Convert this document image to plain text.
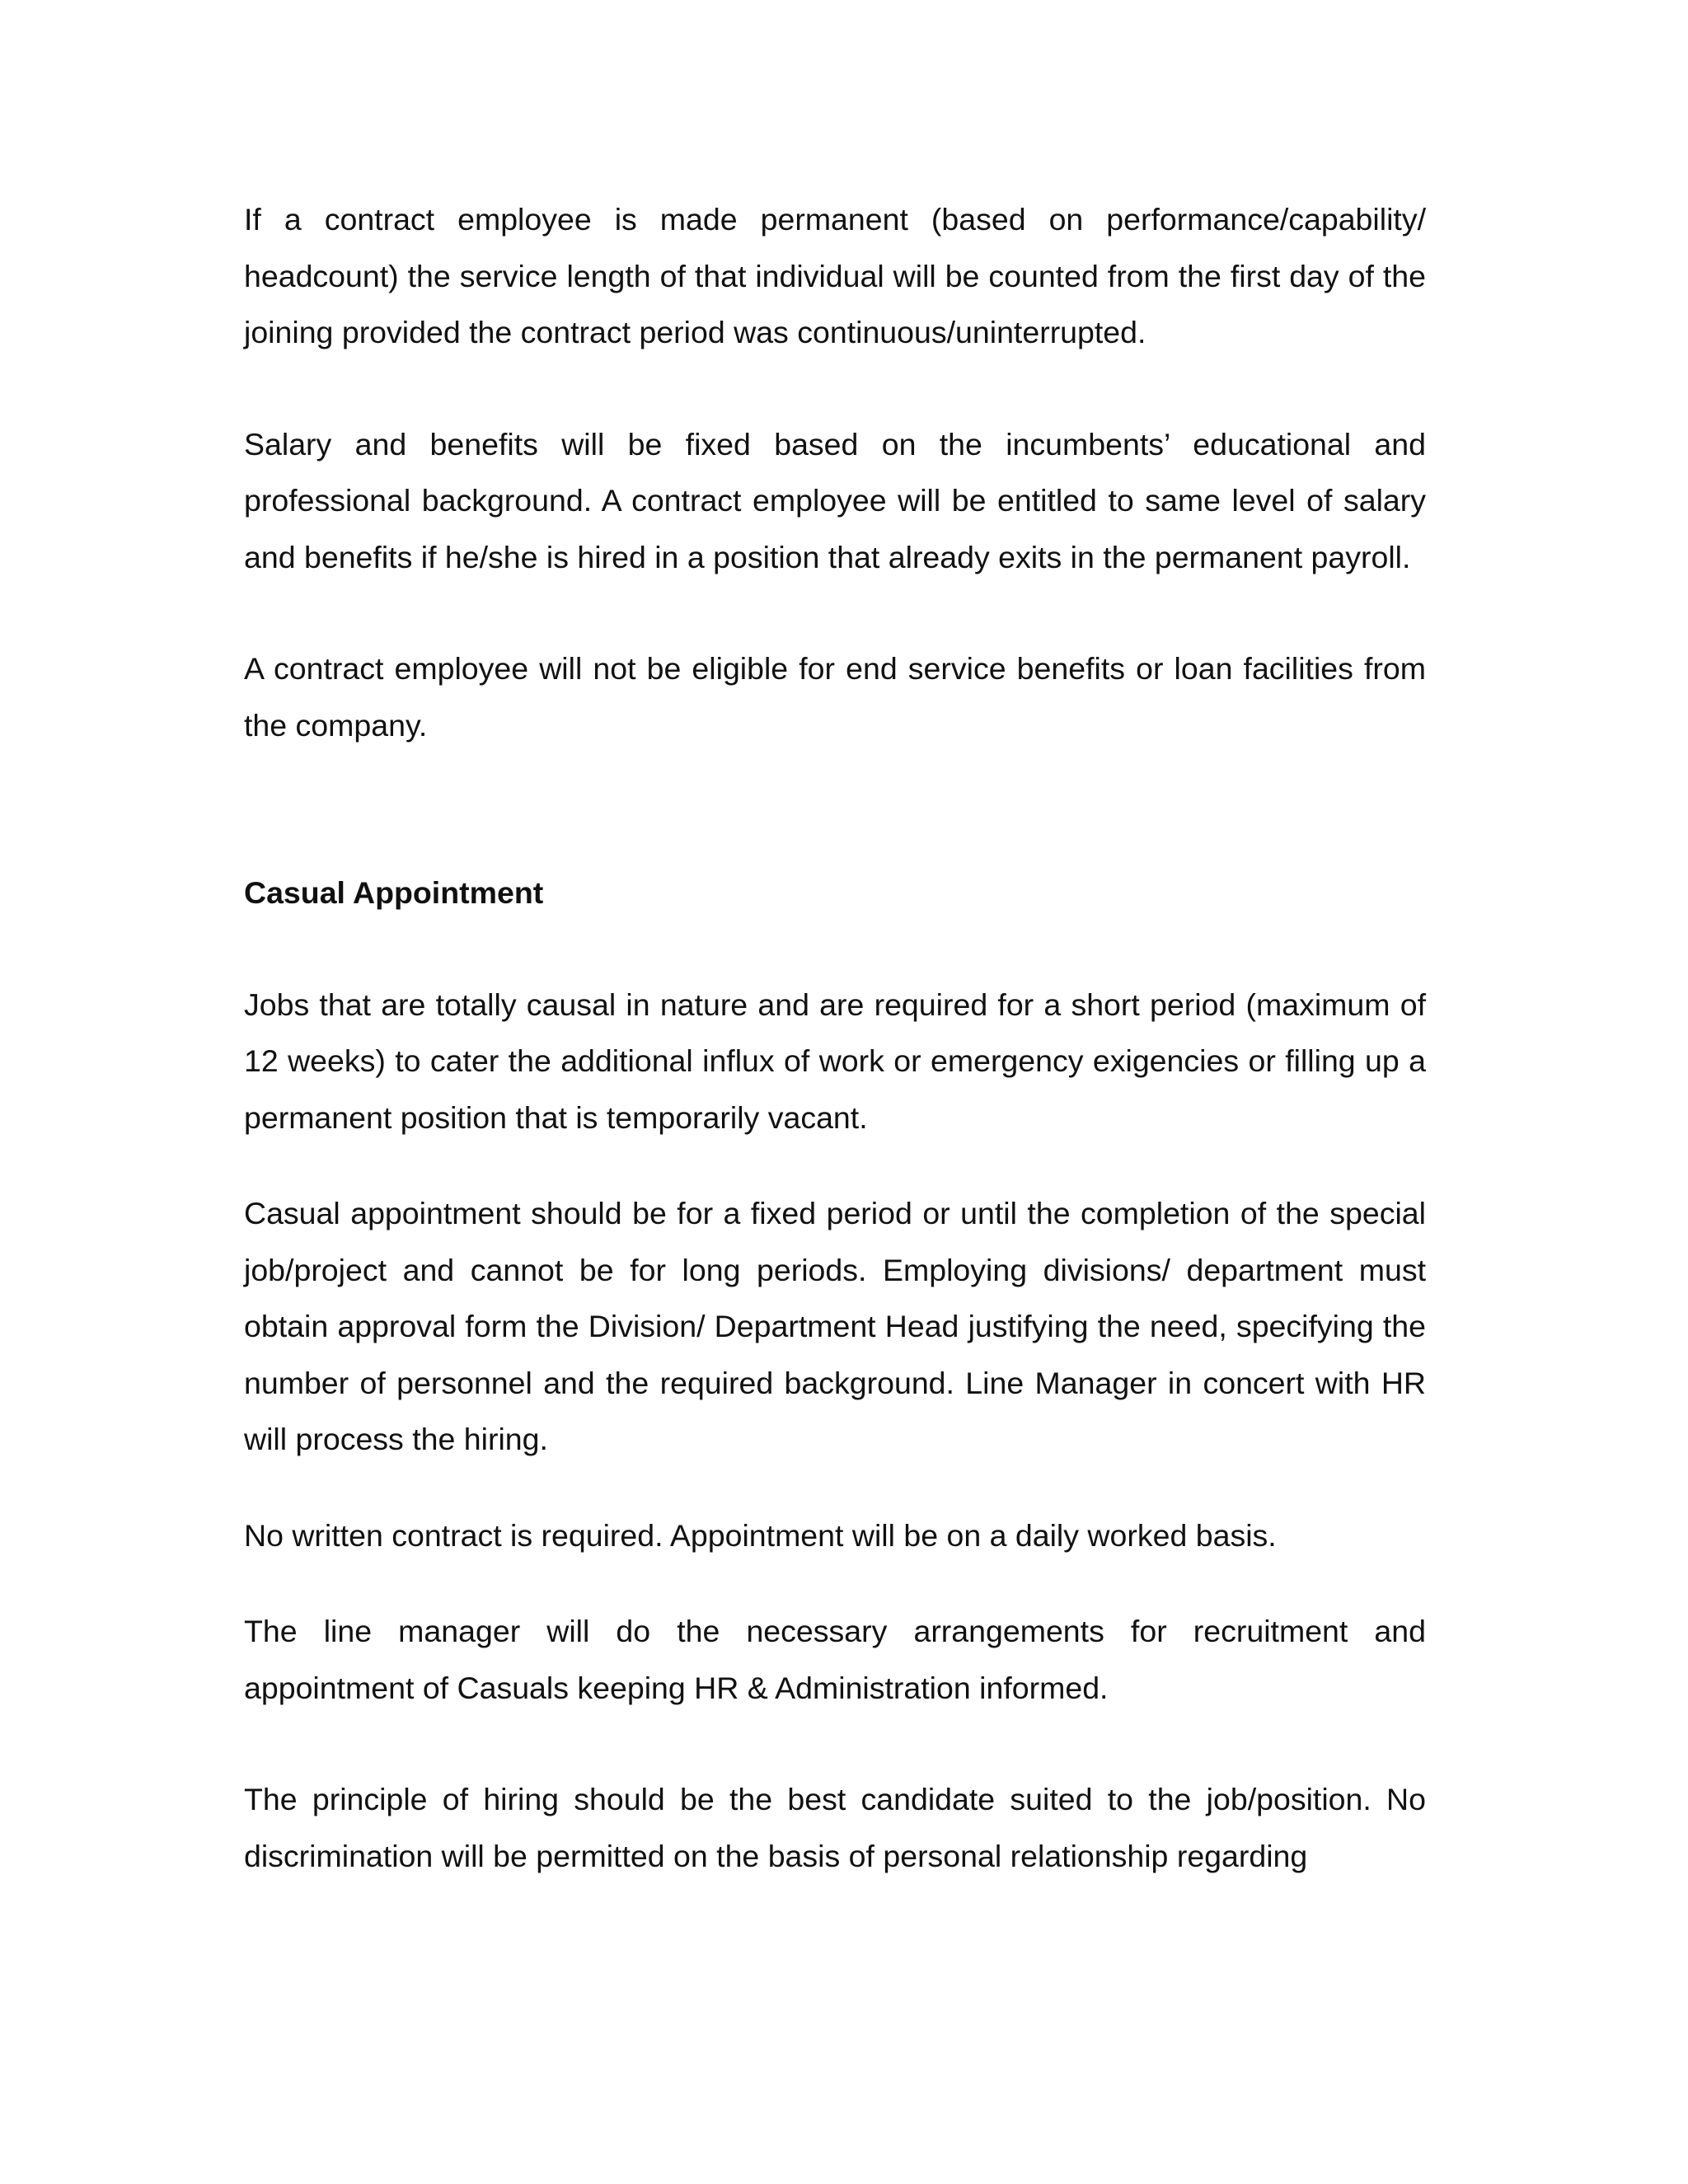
If a contract employee is made permanent (based on performance/capability/ headcount) the service length of that individual will be counted from the first day of the joining provided the contract period was continuous/uninterrupted.

Salary and benefits will be fixed based on the incumbents’ educational and professional background. A contract employee will be entitled to same level of salary and benefits if he/she is hired in a position that already exits in the permanent payroll.

A contract employee will not be eligible for end service benefits or loan facilities from the company.

Casual Appointment

Jobs that are totally causal in nature and are required for a short period (maximum of 12 weeks) to cater the additional influx of work or emergency exigencies or filling up a permanent position that is temporarily vacant.

Casual appointment should be for a fixed period or until the completion of the special job/project and cannot be for long periods. Employing divisions/ department must obtain approval form the Division/ Department Head justifying the need, specifying the number of personnel and the required background. Line Manager in concert with HR will process the hiring.

No written contract is required. Appointment will be on a daily worked basis.

The line manager will do the necessary arrangements for recruitment and appointment of Casuals keeping HR & Administration informed.

The principle of hiring should be the best candidate suited to the job/position. No discrimination will be permitted on the basis of personal relationship regarding
